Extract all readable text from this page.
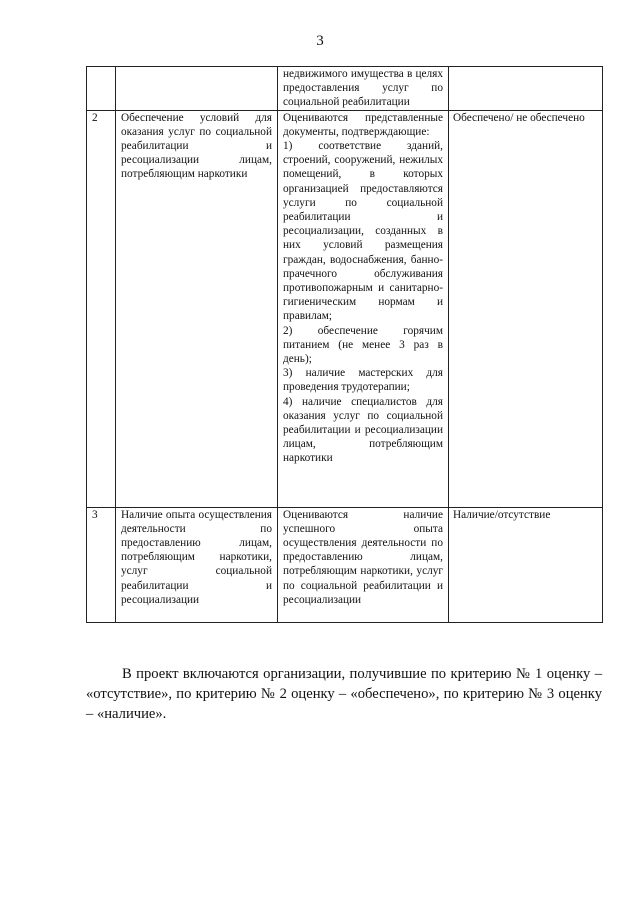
3

		недвижимого имущества в целях предоставления услуг по социальной реабилитации	

2	Обеспечение условий для оказания услуг по социальной реабилитации и ресоциализации лицам, потребляющим наркотики	Оцениваются представленные документы, подтверждающие:
1) соответствие зданий, строений, сооружений, нежилых помещений, в которых организацией предоставляются услуги по социальной реабилитации и ресоциализации, созданных в них условий размещения граждан, водоснабжения, банно-прачечного обслуживания противопожарным и санитарно-гигиеническим нормам и правилам;
2) обеспечение горячим питанием (не менее 3 раз в день);
3) наличие мастерских для проведения трудотерапии;
4) наличие специалистов для оказания услуг по социальной реабилитации и ресоциализации лицам, потребляющим наркотики	Обеспечено/ не обеспечено
3	Наличие опыта осуществления деятельности по предоставлению лицам, потребляющим наркотики, услуг социальной реабилитации и ресоциализации	Оцениваются наличие успешного опыта осуществления деятельности по предоставлению лицам, потребляющим наркотики, услуг по социальной реабилитации и ресоциализации	Наличие/отсутствие

В проект включаются организации, получившие по критерию № 1 оценку – «отсутствие», по критерию № 2 оценку – «обеспечено», по критерию № 3 оценку – «наличие».
